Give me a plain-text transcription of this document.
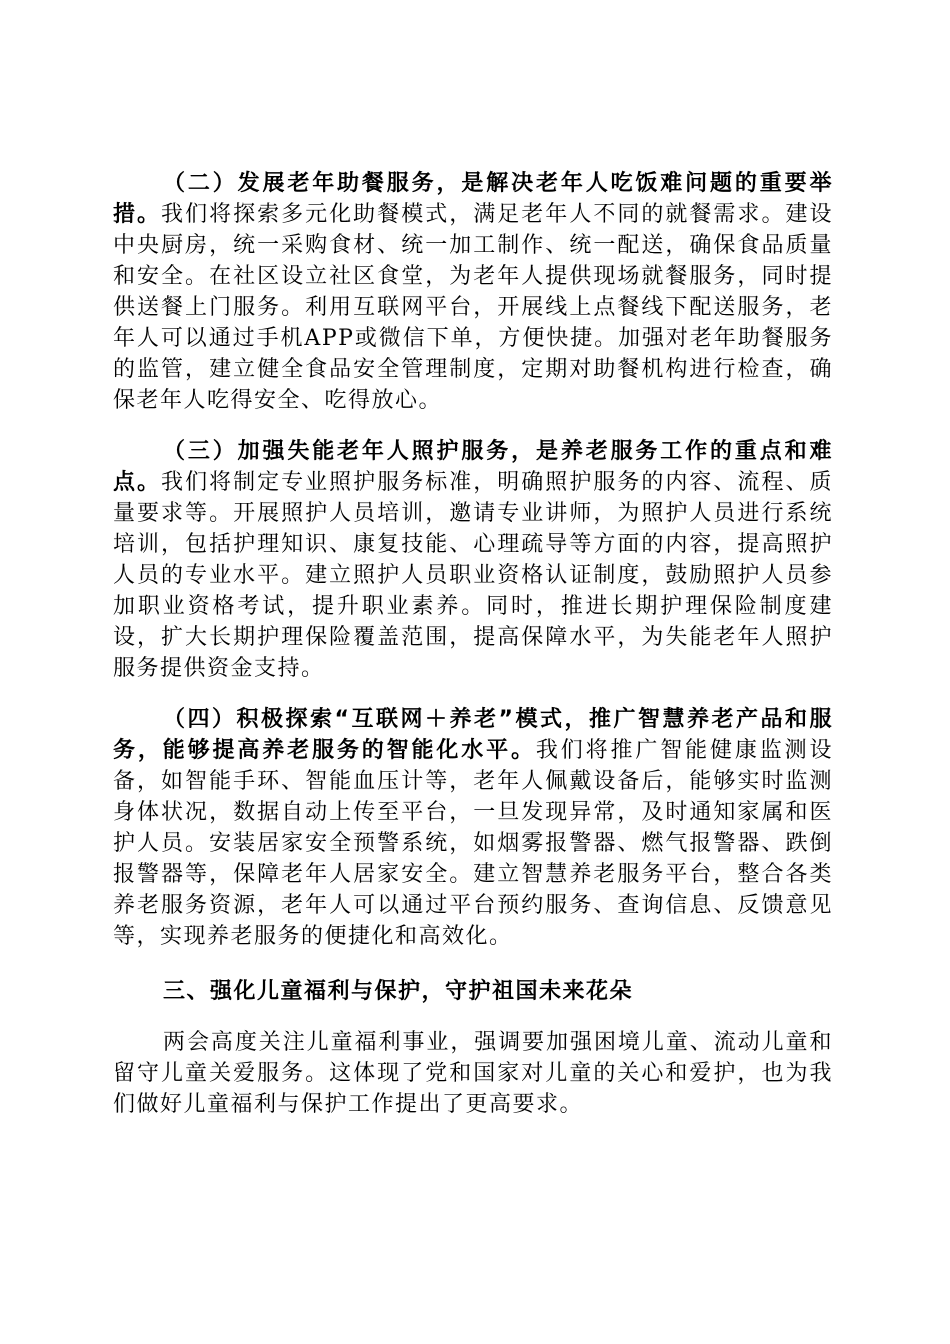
（二）发展老年助餐服务，是解决老年人吃饭难问题的重要举措。我们将探索多元化助餐模式，满足老年人不同的就餐需求。建设中央厨房，统一采购食材、统一加工制作、统一配送，确保食品质量和安全。在社区设立社区食堂，为老年人提供现场就餐服务，同时提供送餐上门服务。利用互联网平台，开展线上点餐线下配送服务，老年人可以通过手机APP或微信下单，方便快捷。加强对老年助餐服务的监管，建立健全食品安全管理制度，定期对助餐机构进行检查，确保老年人吃得安全、吃得放心。

（三）加强失能老年人照护服务，是养老服务工作的重点和难点。我们将制定专业照护服务标准，明确照护服务的内容、流程、质量要求等。开展照护人员培训，邀请专业讲师，为照护人员进行系统培训，包括护理知识、康复技能、心理疏导等方面的内容，提高照护人员的专业水平。建立照护人员职业资格认证制度，鼓励照护人员参加职业资格考试，提升职业素养。同时，推进长期护理保险制度建设，扩大长期护理保险覆盖范围，提高保障水平，为失能老年人照护服务提供资金支持。

（四）积极探索“互联网＋养老”模式，推广智慧养老产品和服务，能够提高养老服务的智能化水平。我们将推广智能健康监测设备，如智能手环、智能血压计等，老年人佩戴设备后，能够实时监测身体状况，数据自动上传至平台，一旦发现异常，及时通知家属和医护人员。安装居家安全预警系统，如烟雾报警器、燃气报警器、跌倒报警器等，保障老年人居家安全。建立智慧养老服务平台，整合各类养老服务资源，老年人可以通过平台预约服务、查询信息、反馈意见等，实现养老服务的便捷化和高效化。

三、强化儿童福利与保护，守护祖国未来花朵

两会高度关注儿童福利事业，强调要加强困境儿童、流动儿童和留守儿童关爱服务。这体现了党和国家对儿童的关心和爱护，也为我们做好儿童福利与保护工作提出了更高要求。
